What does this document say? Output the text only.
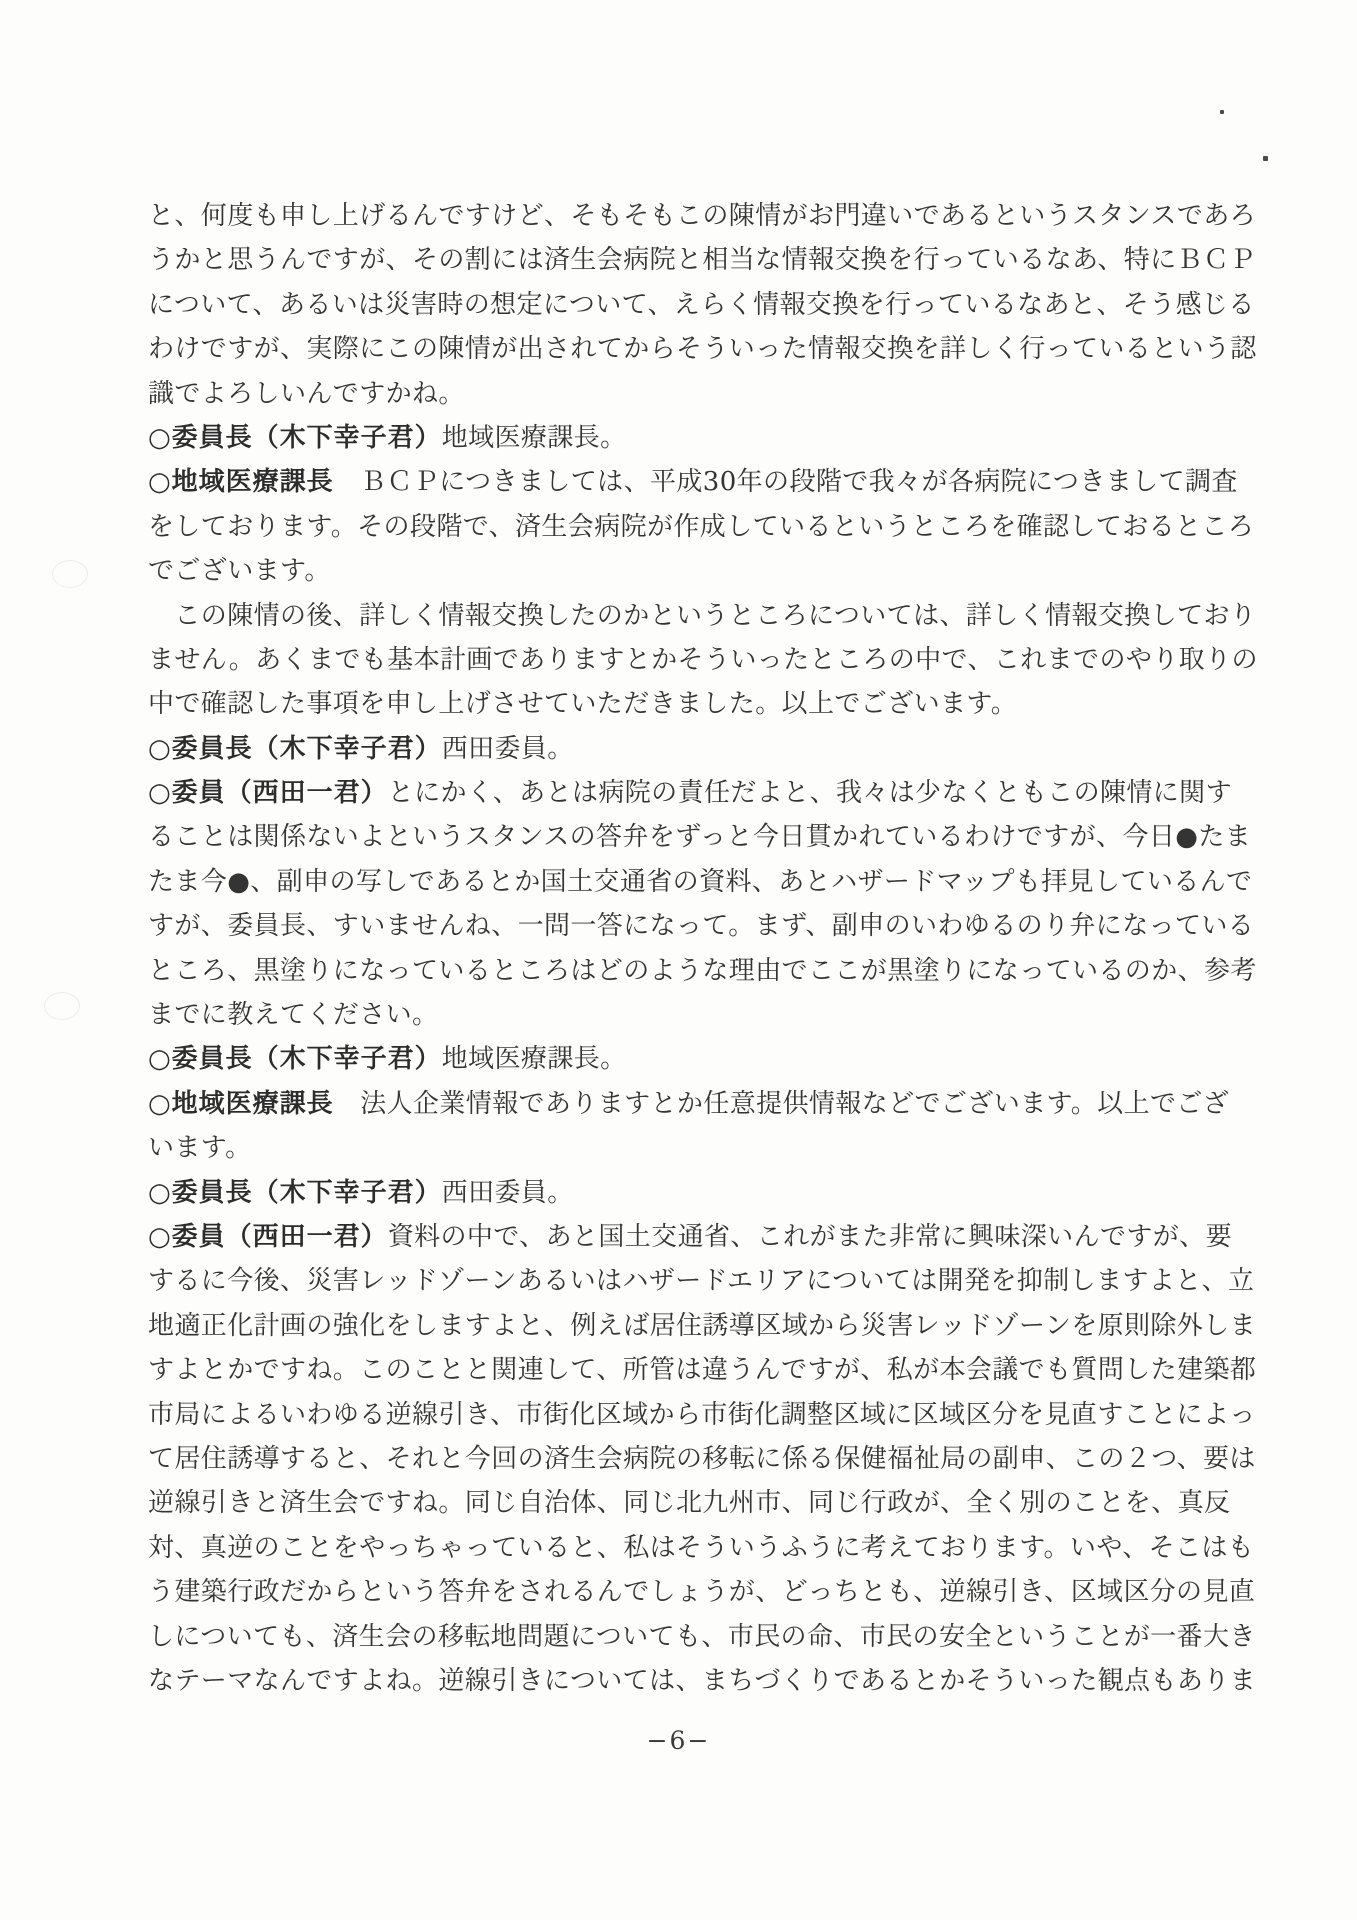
と、何度も申し上げるんですけど、そもそもこの陳情がお門違いであるというスタンスであろ
うかと思うんですが、その割には済生会病院と相当な情報交換を行っているなあ、特にＢＣＰ
について、あるいは災害時の想定について、えらく情報交換を行っているなあと、そう感じる
わけですが、実際にこの陳情が出されてからそういった情報交換を詳しく行っているという認
識でよろしいんですかね。
○委員長（木下幸子君）地域医療課長。
○地域医療課長　ＢＣＰにつきましては、平成30年の段階で我々が各病院につきまして調査
をしております。その段階で、済生会病院が作成しているというところを確認しておるところ
でございます。
　この陳情の後、詳しく情報交換したのかというところについては、詳しく情報交換しており
ません。あくまでも基本計画でありますとかそういったところの中で、これまでのやり取りの
中で確認した事項を申し上げさせていただきました。以上でございます。
○委員長（木下幸子君）西田委員。
○委員（西田一君）とにかく、あとは病院の責任だよと、我々は少なくともこの陳情に関す
ることは関係ないよというスタンスの答弁をずっと今日貫かれているわけですが、今日●たま
たま今●、副申の写しであるとか国土交通省の資料、あとハザードマップも拝見しているんで
すが、委員長、すいませんね、一問一答になって。まず、副申のいわゆるのり弁になっている
ところ、黒塗りになっているところはどのような理由でここが黒塗りになっているのか、参考
までに教えてください。
○委員長（木下幸子君）地域医療課長。
○地域医療課長　法人企業情報でありますとか任意提供情報などでございます。以上でござ
います。
○委員長（木下幸子君）西田委員。
○委員（西田一君）資料の中で、あと国土交通省、これがまた非常に興味深いんですが、要
するに今後、災害レッドゾーンあるいはハザードエリアについては開発を抑制しますよと、立
地適正化計画の強化をしますよと、例えば居住誘導区域から災害レッドゾーンを原則除外しま
すよとかですね。このことと関連して、所管は違うんですが、私が本会議でも質問した建築都
市局によるいわゆる逆線引き、市街化区域から市街化調整区域に区域区分を見直すことによっ
て居住誘導すると、それと今回の済生会病院の移転に係る保健福祉局の副申、この２つ、要は
逆線引きと済生会ですね。同じ自治体、同じ北九州市、同じ行政が、全く別のことを、真反
対、真逆のことをやっちゃっていると、私はそういうふうに考えております。いや、そこはも
う建築行政だからという答弁をされるんでしょうが、どっちとも、逆線引き、区域区分の見直
しについても、済生会の移転地問題についても、市民の命、市民の安全ということが一番大き
なテーマなんですよね。逆線引きについては、まちづくりであるとかそういった観点もありま
−6−
